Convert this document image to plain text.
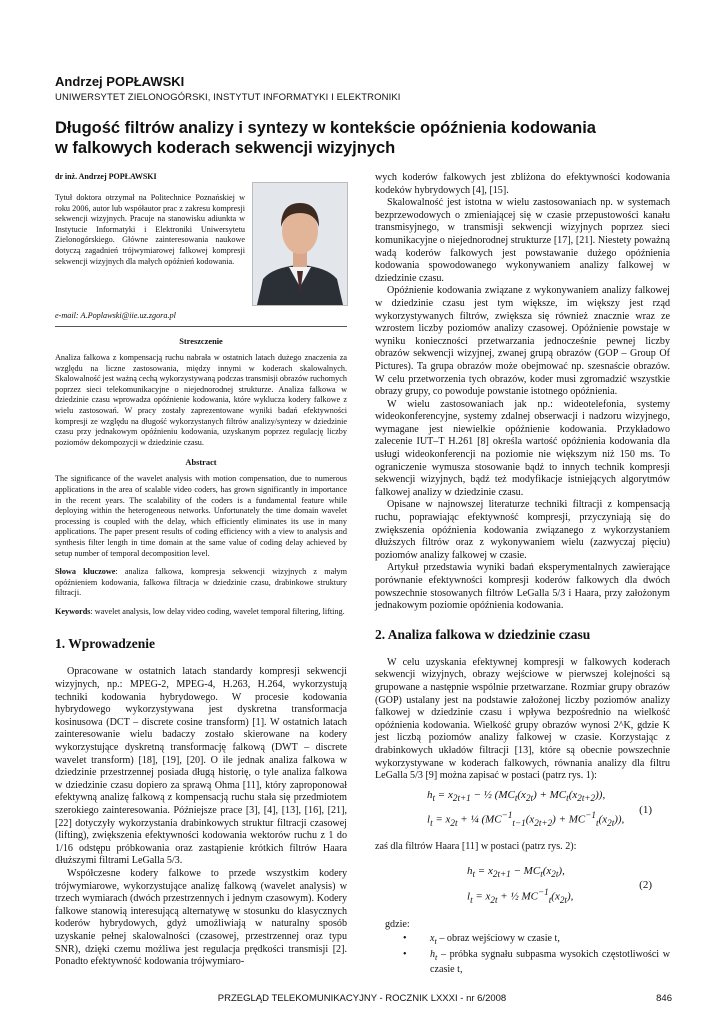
Andrzej POPŁAWSKI
UNIWERSYTET ZIELONOGÓRSKI, INSTYTUT INFORMATYKI I ELEKTRONIKI
Długość filtrów analizy i syntezy w kontekście opóźnienia kodowania
w falkowych koderach sekwencji wizyjnych
dr inż. Andrzej POPŁAWSKI
Tytuł doktora otrzymał na Politechnice Poznańskiej w roku 2006, autor lub współautor prac z zakresu kompresji sekwencji wizyjnych. Pracuje na stanowisku adiunkta w Instytucie Informatyki i Elektroniki Uniwersytetu Zielonogórskiego. Główne zainteresowania naukowe dotyczą zagadnień trójwymiarowej falkowej kompresji sekwencji wizyjnych dla małych opóźnień kodowania.
e-mail: A.Poplawski@iie.uz.zgora.pl
Streszczenie
Analiza falkowa z kompensacją ruchu nabrała w ostatnich latach dużego znaczenia za względu na liczne zastosowania, między innymi w koderach skalowalnych. Skalowalność jest ważną cechą wykorzystywaną podczas transmisji obrazów ruchomych poprzez sieci telekomunikacyjne o niejednorodnej strukturze. Analiza falkowa w dziedzinie czasu wprowadza opóźnienie kodowania, które wyklucza kodery falkowe z wielu zastosowań. W pracy zostały zaprezentowane wyniki badań efektywności kompresji ze względu na długość wykorzystanych filtrów analizy/syntezy w dziedzinie czasu przy jednakowym opóźnieniu kodowania, uzyskanym poprzez regulację liczby poziomów dekompozycji w dziedzinie czasu.
Abstract
The significance of the wavelet analysis with motion compensation, due to numerous applications in the area of scalable video coders, has grown significantly in importance in the recent years. The scalability of the coders is a fundamental feature while deploying within the heterogeneous networks. Unfortunately the time domain wavelet processing is coupled with the delay, which efficiently eliminates its use in many applications. The paper present results of coding efficiency with a view to analysis and synthesis filter length in time domain at the same value of coding delay achieved by setup number of temporal decomposition level.
Słowa kluczowe: analiza falkowa, kompresja sekwencji wizyjnych z małym opóźnieniem kodowania, falkowa filtracja w dziedzinie czasu, drabinkowe struktury filtracji.
Keywords: wavelet analysis, low delay video coding, wavelet temporal filtering, lifting.
1. Wprowadzenie

Opracowane w ostatnich latach standardy kompresji sekwencji wizyjnych, np.: MPEG-2, MPEG-4, H.263, H.264, wykorzystują techniki kodowania hybrydowego. W procesie kodowania hybrydowego wykorzystywana jest dyskretna transformacja kosinusowa (DCT – discrete cosine transform) [1]. W ostatnich latach zainteresowanie wielu badaczy zostało skierowane na kodery wykorzystujące dyskretną transformację falkową (DWT – discrete wavelet transform) [18], [19], [20]. O ile jednak analiza falkowa w dziedzinie przestrzennej posiada długą historię, o tyle analiza falkowa w dziedzinie czasu dopiero za sprawą Ohma [11], który zaproponował efektywną analizę falkową z kompensacją ruchu stała się przedmiotem szerokiego zainteresowania. Późniejsze prace [3], [4], [13], [16], [21], [22] dotyczyły wykorzystania drabinkowych struktur filtracji czasowej (lifting), zwiększenia efektywności kodowania wektorów ruchu z 1 do 1/16 odstępu próbkowania oraz zastąpienie krótkich filtrów Haara dłuższymi filtrami LeGalla 5/3.

Współczesne kodery falkowe to przede wszystkim kodery trójwymiarowe, wykorzystujące analizę falkową (wavelet analysis) w trzech wymiarach (dwóch przestrzennych i jednym czasowym). Kodery falkowe stanowią interesującą alternatywę w stosunku do klasycznych koderów hybrydowych, gdyż umożliwiają w naturalny sposób uzyskanie pełnej skalowalności (czasowej, przestrzennej oraz typu SNR), dzięki czemu możliwa jest regulacja prędkości transmisji [2]. Ponadto efektywność kodowania trójwymiaro-

wych koderów falkowych jest zbliżona do efektywności kodowania kodeków hybrydowych [4], [15].

Skalowalność jest istotna w wielu zastosowaniach np. w systemach bezprzewodowych o zmieniającej się w czasie przepustowości kanału transmisyjnego, w transmisji sekwencji wizyjnych poprzez sieci komunikacyjne o niejednorodnej strukturze [17], [21]. Niestety poważną wadą koderów falkowych jest powstawanie dużego opóźnienia kodowania spowodowanego wykonywaniem analizy falkowej w dziedzinie czasu.

Opóźnienie kodowania związane z wykonywaniem analizy falkowej w dziedzinie czasu jest tym większe, im większy jest rząd wykorzystywanych filtrów, zwiększa się również znacznie wraz ze wzrostem liczby poziomów analizy czasowej. Opóźnienie powstaje w wyniku konieczności przetwarzania jednocześnie pewnej liczby obrazów sekwencji wizyjnej, zwanej grupą obrazów (GOP – Group Of Pictures). Ta grupa obrazów może obejmować np. szesnaście obrazów. W celu przetworzenia tych obrazów, koder musi zgromadzić wszystkie obrazy grupy, co powoduje powstanie istotnego opóźnienia.

W wielu zastosowaniach jak np.: wideotelefonia, systemy wideokonferencyjne, systemy zdalnej obserwacji i nadzoru wizyjnego, wymagane jest niewielkie opóźnienie kodowania. Przykładowo zalecenie IUT–T H.261 [8] określa wartość opóźnienia kodowania dla usługi wideokonferencji na poziomie nie większym niż 150 ms. To ograniczenie wymusza stosowanie bądź to innych technik kompresji sekwencji wizyjnych, bądź też modyfikacje istniejących algorytmów falkowej analizy w dziedzinie czasu.

Opisane w najnowszej literaturze techniki filtracji z kompensacją ruchu, poprawiając efektywność kompresji, przyczyniają się do zwiększenia opóźnienia kodowania związanego z wykorzystaniem dłuższych filtrów oraz z wykonywaniem wielu (zazwyczaj pięciu) poziomów analizy falkowej w czasie.

Artykuł przedstawia wyniki badań eksperymentalnych zawierające porównanie efektywności kompresji koderów falkowych dla dwóch powszechnie stosowanych filtrów LeGalla 5/3 i Haara, przy założonym jednakowym poziomie opóźnienia kodowania.

2. Analiza falkowa w dziedzinie czasu

W celu uzyskania efektywnej kompresji w falkowych koderach sekwencji wizyjnych, obrazy wejściowe w pierwszej kolejności są grupowane a następnie wspólnie przetwarzane. Rozmiar grupy obrazów (GOP) ustalany jest na podstawie założonej liczby poziomów analizy falkowej w dziedzinie czasu i wpływa bezpośrednio na wielkość opóźnienia kodowania. Wielkość grupy obrazów wynosi 2^K, gdzie K jest liczbą poziomów analizy falkowej w czasie. Korzystając z drabinkowych układów filtracji [13], które są obecnie powszechnie wykorzystywane w koderach falkowych, równania analizy dla filtru LeGalla 5/3 [9] można zapisać w postaci (patrz rys. 1):

$h_t = x_{2t+1}$ − ½ $(MC_t(x_{2t}) + MC_t(x_{2t+2}))$,
$l_t = x_{2t}$ + ¼ $(MC^{-1}_{t-1}(x_{2t+2}) + MC^{-1}_t(x_{2t}))$,
(1)
zaś dla filtrów Haara [11] w postaci (patrz rys. 2):
$h_t = x_{2t+1} - MC_t(x_{2t})$,
$l_t = x_{2t}$ + ½ $MC^{-1}_t(x_{2t})$,
(2)
gdzie:
• $x_t$ – obraz wejściowy w czasie t,
• $h_t$ – próbka sygnału subpasma wysokich częstotliwości w czasie t,
PRZEGLĄD TELEKOMUNIKACYJNY - ROCZNIK LXXXI - nr 6/2008	846
